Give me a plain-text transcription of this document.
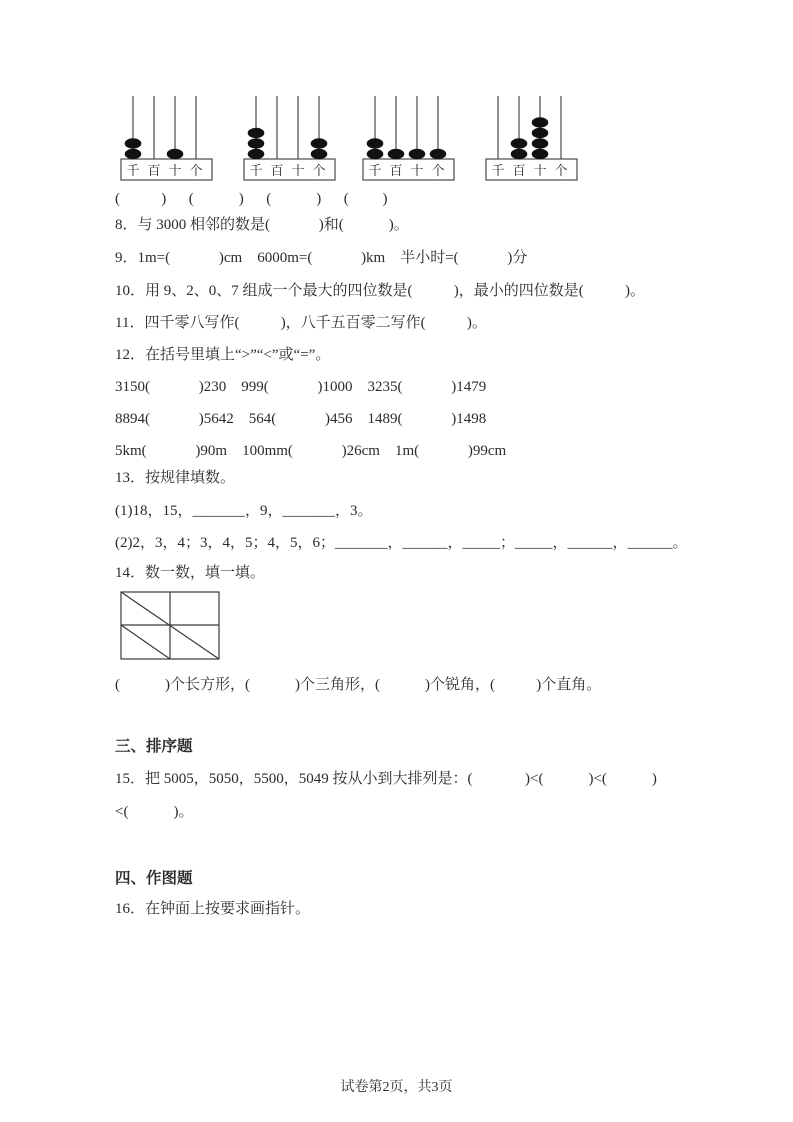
千 百 十 个	千 百 十 个	千 百 十 个	千 百 十 个
(           )      (            )      (            )      (         )
8．与 3000 相邻的数是(             )和(            )。
9．1m=(             )cm    6000m=(             )km    半小时=(             )分
10．用 9、2、0、7 组成一个最大的四位数是(           )，最小的四位数是(           )。
11．四千零八写作(           )，八千五百零二写作(           )。
12．在括号里填上“>”“<”或“=”。
3150(             )230    999(             )1000    3235(             )1479
8894(             )5642    564(             )456    1489(             )1498
5km(             )90m    100mm(             )26cm    1m(             )99cm
13．按规律填数。
(1)18，15，_______，9，_______，3。
(2)2，3，4；3，4，5；4，5，6；_______，______，_____；_____，______，______。
14．数一数，填一填。
(            )个长方形，(            )个三角形，(            )个锐角，(           )个直角。
三、排序题
15．把 5005，5050，5500，5049 按从小到大排列是：(              )<(            )<(            )
<(            )。
四、作图题
16．在钟面上按要求画指针。
试卷第2页，共3页
